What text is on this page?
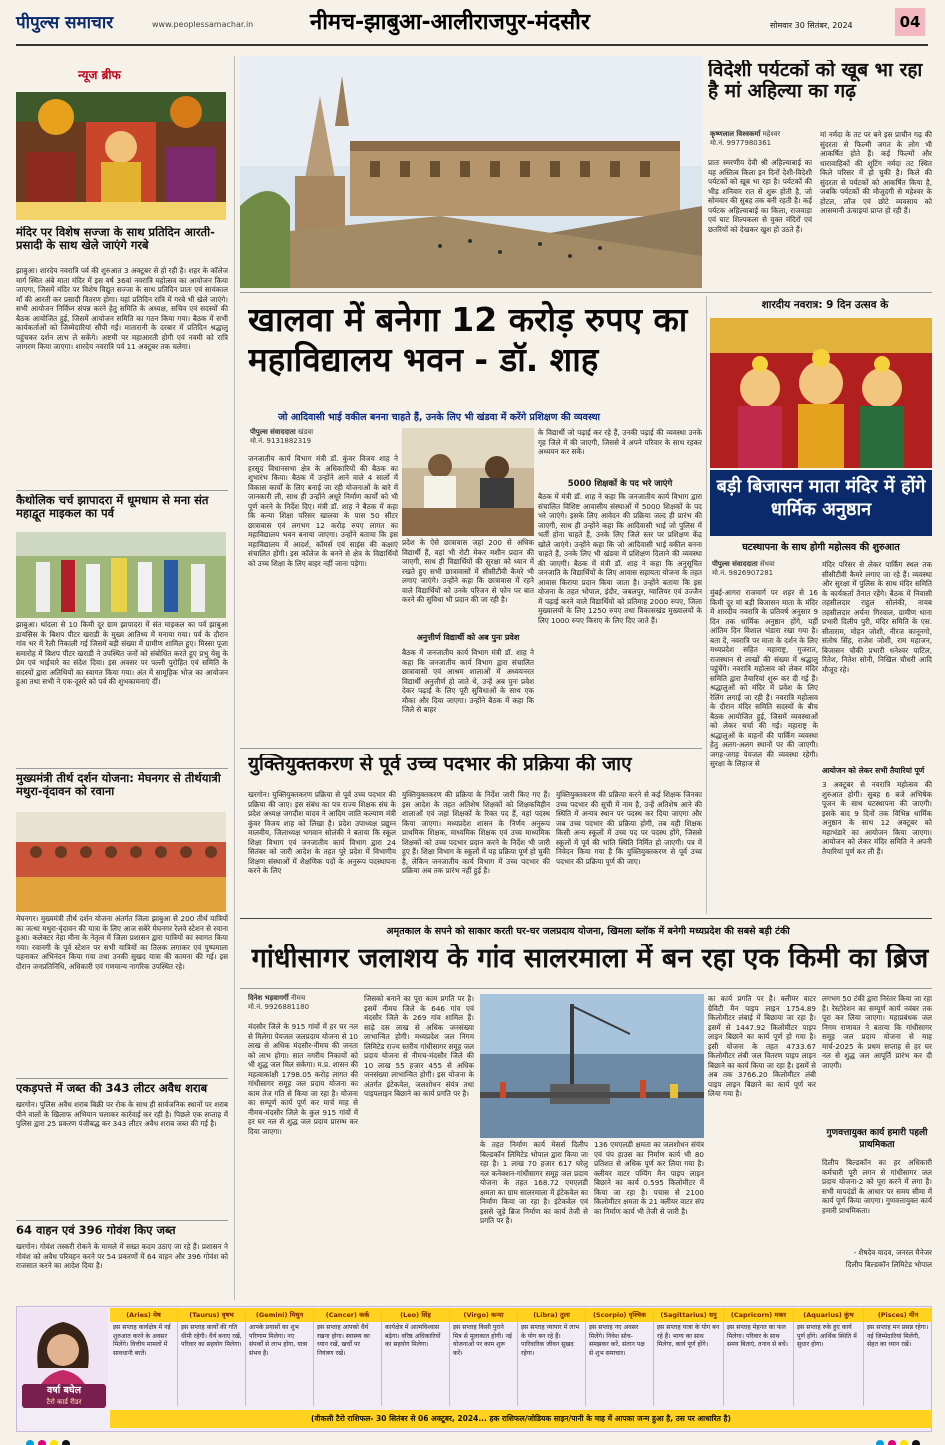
पीपुल्स समाचार	www.peoplessamachar.in	नीमच-झाबुआ-आलीराजपुर-मंदसौर	सोमवार 30 सितंबर, 2024	04
न्यूज ब्रीफ
मंदिर पर विशेष सज्जा के साथ प्रतिदिन आरती-प्रसादी के साथ खेले जाएंगे गरबे
झाबुआ। शारदेय नवरात्रि पर्व की शुरुआत 3 अक्टूबर से हो रही है। शहर के कॉलेज मार्ग स्थित अंबे माता मंदिर में इस वर्ष 36वां नवरात्रि महोत्सव का आयोजन किया जाएगा, जिसमें मंदिर पर विशेष विद्युत सज्जा के साथ प्रतिदिन प्रातः एवं सायंकाल माँ की आरती कर प्रसादी वितरण होगा। यहां प्रतिदिन रात्रि में गरबे भी खेले जाएंगे। सभी आयोजन निर्विघ्न संपन्न करने हेतु समिति के अध्यक्ष, सचिव एवं सदस्यों की बैठक आयोजित हुई, जिसमें आयोजन समिति का गठन किया गया। बैठक में सभी कार्यकर्ताओं को जिम्मेदारियां सौंपी गईं। मातारानी के दरबार में प्रतिदिन श्रद्धालु पहुंचकर दर्शन लाभ ले सकेंगे। अष्टमी पर महाआरती होगी एवं नवमी को रात्रि जागरण किया जाएगा। शारदेय नवरात्रि पर्व 11 अक्टूबर तक चलेगा।
कैथोलिक चर्च झापादरा में धूमधाम से मना संत महाद्वूत माइकल का पर्व
झाबुआ। थांदला से 10 किमी दूर ग्राम झापादरा में संत माइकल का पर्व झाबुआ डायसिस के बिशप पीटर खराडी के मुख्य आतिथ्य में मनाया गया। पर्व के दौरान गांव भर में रैली निकाली गई जिसमें बड़ी संख्या में ग्रामीण शामिल हुए। मिस्सा पूजा समारोह में बिशप पीटर खराडी ने उपस्थित जनों को संबोधित करते हुए प्रभु येसु के प्रेम एवं भाईचारे का संदेश दिया। इस अवसर पर पल्ली पुरोहित एवं समिति के सदस्यों द्वारा अतिथियों का स्वागत किया गया। अंत में सामूहिक भोज का आयोजन हुआ तथा सभी ने एक-दूसरे को पर्व की शुभकामनाएं दीं।
मुख्यमंत्री तीर्थ दर्शन योजना: मेघनगर से तीर्थयात्री मथुरा-वृंदावन को रवाना
मेघनगर। मुख्यमंत्री तीर्थ दर्शन योजना अंतर्गत जिला झाबुआ से 200 तीर्थ यात्रियों का जत्था मथुरा-वृंदावन की यात्रा के लिए आज सबेरे मेघनगर रेलवे स्टेशन से रवाना हुआ। कलेक्टर नेहा मीना के नेतृत्व में जिला प्रशासन द्वारा यात्रियों का स्वागत किया गया। रवानगी के पूर्व स्टेशन पर सभी यात्रियों का तिलक लगाकर एवं पुष्पमाला पहनाकर अभिनंदन किया गया तथा उनकी सुखद यात्रा की कामना की गई। इस दौरान जनप्रतिनिधि, अधिकारी एवं गणमान्य नागरिक उपस्थित रहे।
एकड़पत्ते में जब्त की 343 लीटर अवैध शराब
खरगोन। पुलिस अवैध शराब बिक्री पर रोक के साथ ही सार्वजनिक स्थानों पर शराब पीने वालों के खिलाफ अभियान चलाकर कार्रवाई कर रही है। पिछले एक सप्ताह में पुलिस द्वारा 25 प्रकरण पंजीबद्ध कर 343 लीटर अवैध शराब जब्त की गई है।
64 वाहन एवं 396 गोवंश किए जब्त
खरगोन। गोवंश तस्करी रोकने के मामले में सख्त कदम उठाए जा रहे हैं। प्रशासन ने गोवंश को अवैध परिवहन करने पर 54 प्रकरणों में 64 वाहन और 396 गोवंश को राजसात करने का आदेश दिया है।
विदेशी पर्यटकों को खूब भा रहा है मां अहिल्या का गढ़
कृष्णलाल विश्वकर्मा महेश्वर
मो.नं. 9977980361
प्रातः स्मरणीय देवी श्री अहिल्याबाई का यह अस्तित्व किला इन दिनों देशी-विदेशी पर्यटकों को खूब भा रहा है। पर्यटकों की भीड़ शनिवार रात से शुरू होती है, जो सोमवार की सुबह तक बनी रहती है। कई पर्यटक अहिल्याबाई का किला, राजवाड़ा एवं घाट शिल्पकला से युक्त मंदिरों एवं छतरियों को देखकर खुश हो उठते हैं।
मां नर्मदा के तट पर बने इस प्राचीन गढ़ की सुंदरता से फिल्मी जगत के लोग भी आकर्षित होते हैं। कई फिल्मों और धारावाहिकों की शूटिंग नर्मदा तट स्थित किले परिसर में हो चुकी है। किले की सुंदरता से पर्यटकों को आकर्षित किया है, जबकि पर्यटकों की मौजूदगी से महेश्वर के होटल, लॉज एवं छोटे व्यवसाय को आसमानी ऊंचाइयां प्राप्त हो रही हैं।
खालवा में बनेगा 12 करोड़ रुपए का महाविद्यालय भवन - डॉ. शाह
जो आदिवासी भाई वकील बनना चाहते हैं, उनके लिए भी खंडवा में करेंगे प्रशिक्षण की व्यवस्था
पीपुल्स संवाददाता खंडवा
मो.नं. 9131882319
जनजातीय कार्य विभाग मंत्री डॉ. कुंवर विजय शाह ने हरसूद विधानसभा क्षेत्र के अधिकारियों की बैठक का शुभारंभ किया। बैठक में उन्होंने आने वाले 4 सालों में विकास कार्यों के लिए बनाई जा रही योजनाओं के बारे में जानकारी ली, साथ ही उन्होंने अधूरे निर्माण कार्यों को भी पूर्ण करने के निर्देश दिए। मंत्री डॉ. शाह ने बैठक में कहा कि कन्या शिक्षा परिसर खालवा के पास 50 सीटर छात्रावास एवं लगभग 12 करोड़ रुपए लागत का महाविद्यालय भवन बनाया जाएगा। उन्होंने बताया कि इस महाविद्यालय में आदर्श, कॉमर्स एवं साइंस की कक्षाएं संचालित होंगी। इस कॉलेज के बनने से क्षेत्र के विद्यार्थियों को उच्च शिक्षा के लिए बाहर नहीं जाना पड़ेगा।
प्रदेश के ऐसे छात्रावास जहां 200 से अधिक विद्यार्थी हैं, वहां भी रोटी मेकर मशीन प्रदान की जाएगी, साथ ही विद्यार्थियों की सुरक्षा को ध्यान में रखते हुए सभी छात्रावासों में सीसीटीवी कैमरे भी लगाए जाएंगे। उन्होंने कहा कि छात्रावास में रहने वाले विद्यार्थियों को उनके परिजन से फोन पर बात करने की सुविधा भी प्रदान की जा रही है।
अनुत्तीर्ण विद्यार्थी को अब पुनः प्रवेश
बैठक में जनजातीय कार्य विभाग मंत्री डॉ. शाह ने कहा कि जनजातीय कार्य विभाग द्वारा संचालित छात्रावासों एवं आश्रम शालाओं में अध्ययनरत विद्यार्थी अनुत्तीर्ण हो जाते थे, उन्हें अब पुनः प्रवेश देकर पढ़ाई के लिए पूरी सुविधाओं के साथ एक मौका और दिया जाएगा। उन्होंने बैठक में कहा कि जिले से बाहर
के विद्यार्थी जो पढ़ाई कर रहे हैं, उनकी पढ़ाई की व्यवस्था उनके गृह जिले में की जाएगी, जिससे वे अपने परिवार के साथ रहकर अध्ययन कर सकें।
5000 शिक्षकों के पद भरे जाएंगे
बैठक में मंत्री डॉ. शाह ने कहा कि जनजातीय कार्य विभाग द्वारा संचालित विशिष्ट आवासीय संस्थाओं में 5000 शिक्षकों के पद भरे जाएंगे। इसके लिए आवेदन की प्रक्रिया जल्द ही प्रारंभ की जाएगी, साथ ही उन्होंने कहा कि आदिवासी भाई जो पुलिस में भर्ती होना चाहते हैं, उनके लिए जिले स्तर पर प्रशिक्षण केंद्र खोले जाएंगे। उन्होंने कहा कि जो आदिवासी भाई वकील बनना चाहते हैं, उनके लिए भी खंडवा में प्रशिक्षण दिलाने की व्यवस्था की जाएगी। बैठक में मंत्री डॉ. शाह ने कहा कि अनुसूचित जनजाति के विद्यार्थियों के लिए आवास सहायता योजना के तहत आवास किराया प्रदान किया जाता है। उन्होंने बताया कि इस योजना के तहत भोपाल, इंदौर, जबलपुर, ग्वालियर एवं उज्जैन में पढ़ाई करने वाले विद्यार्थियों को प्रतिमाह 2000 रुपए, जिला मुख्यालयों के लिए 1250 रुपए तथा विकासखंड मुख्यालयों के लिए 1000 रुपए किराए के लिए दिए जाते हैं।
शारदीय नवरात्र: 9 दिन उत्सव के
बड़ी बिजासन माता मंदिर में होंगे धार्मिक अनुष्ठान
घटस्थापना के साथ होगी महोत्सव की शुरुआत
पीपुल्स संवाददाता सेंधवा
मो.नं. 9826907281
मुंबई-आगरा राजमार्ग पर शहर से 16 किमी दूर मां बड़ी बिजासन माता के मंदिर में शारदीय नवरात्रि के प्रतिवर्ष अनुसार 9 दिन तक धार्मिक अनुष्ठान होंगे, यहीं आंतिम दिन विशाल भंडारा रखा गया है। बता दें, नवरात्रि पर माता के दर्शन के लिए मध्यप्रदेश सहित महाराष्ट्र, गुजरात, राजस्थान से लाखों की संख्या में श्रद्धालु पहुंचेंगे। नवरात्रि महोत्सव को लेकर मंदिर समिति द्वारा तैयारियां शुरू कर दी गई हैं। श्रद्धालुओं को मंदिर में प्रवेश के लिए रेलिंग लगाई जा रही है। नवरात्रि महोत्सव के दौरान मंदिर समिति सदस्यों के बीच बैठक आयोजित हुई, जिसमें व्यवस्थाओं को लेकर चर्चा की गई। महाराष्ट्र के श्रद्धालुओं के वाहनों की पार्किंग व्यवस्था हेतु अलग-अलग स्थानों पर की जाएगी। जगह-जगह पेयजल की व्यवस्था रहेगी। सुरक्षा के लिहाज से
मंदिर परिसर से लेकर पार्किंग स्थल तक सीसीटीवी कैमरे लगाए जा रहे हैं। व्यवस्था और सुरक्षा में पुलिस के साथ मंदिर समिति के कार्यकर्ता तैनात रहेंगे। बैठक में निवासी तहसीलदार राहुल सोलंकी, नायब तहसीलदार अर्चना गिरवाल, ग्रामीण थाना प्रभारी दिलीप पुरी, मंदिर समिति के एस. सीताराम, मोहन जोशी, नीरज कानूनगो, संतोष सिंह, राजेश जोशी, राम महाजन, बिजासन चौकी प्रभारी धनेश्वर पाटिल, रितेश, नितेश सोनी, निखिल चौधरी आदि मौजूद रहे।
आयोजन को लेकर सभी तैयारियां पूर्ण
3 अक्टूबर से नवरात्रि महोत्सव की शुरुआत होगी। सुबह 6 बजे अभिषेक पूजन के साथ घटस्थापना की जाएगी। इसके बाद 9 दिनों तक विभिन्न धार्मिक अनुष्ठान के साथ 12 अक्टूबर को महाभंडारे का आयोजन किया जाएगा। आयोजन को लेकर मंदिर समिति ने अपनी तैयारियां पूर्ण कर ली हैं।
युक्तियुक्तकरण से पूर्व उच्च पदभार की प्रक्रिया की जाए
खरगोन। युक्तियुक्तकरण प्रक्रिया से पूर्व उच्च पदभार की प्रक्रिया की जाए। इस संबंध का पत्र राज्य शिक्षक संघ के प्रदेश अध्यक्ष जगदीश यादव ने आदिम जाति कल्याण मंत्री कुंवर विजय शाह को लिखा है। प्रदेश उपाध्यक्ष प्रद्युम्न मालवीय, जिलाध्यक्ष भगवान सोलंकी ने बताया कि स्कूल शिक्षा विभाग एवं जनजातीय कार्य विभाग द्वारा 24 सितंबर को जारी आदेश के तहत पूरे प्रदेश में विभागीय शिक्षण संस्थाओं में शैक्षणिक पदों के अनुरूप पदस्थापना करने के लिए
युक्तियुक्तकरण की प्रक्रिया के निर्देश जारी किए गए हैं। इस आदेश के तहत अतिशेष शिक्षकों को शिक्षकविहीन शालाओं एवं जहां शिक्षकों के रिक्त पद हैं, वहां पदस्थ किया जाएगा। मध्यप्रदेश शासन के निर्णय अनुरूप प्राथमिक शिक्षक, माध्यमिक शिक्षक एवं उच्च माध्यमिक शिक्षकों को उच्च पदभार प्रदान करने के निर्देश भी जारी हुए हैं। शिक्षा विभाग के स्कूलों में यह प्रक्रिया पूर्ण हो चुकी है, लेकिन जनजातीय कार्य विभाग में उच्च पदभार की प्रक्रिया अब तक प्रारंभ नहीं हुई है।
युक्तियुक्तकरण की प्रक्रिया करने से कई शिक्षक जिनका उच्च पदभार की सूची में नाम है, उन्हें अतिशेष आने की स्थिति में अन्यत्र स्थान पर पदस्थ कर दिया जाएगा और जब उच्च पदभार की प्रक्रिया होगी, तब वही शिक्षक किसी अन्य स्कूलों में उच्च पद पर पदस्थ होंगे, जिससे स्कूलों में पूर्व की भांति स्थिति निर्मित हो जाएगी। पत्र में निवेदन किया गया है कि युक्तियुक्तकरण से पूर्व उच्च पदभार की प्रक्रिया पूर्ण की जाए।
अमृतकाल के सपने को साकार करती घर-घर जलप्रदाय योजना, खिमला ब्लॉक में बनेगी मध्यप्रदेश की सबसे बड़ी टंकी
गांधीसागर जलाशय के गांव सालरमाला में बन रहा एक किमी का ब्रिज
दिनेश भड़वागर्गी नीमच
मो.नं. 9926881180
मंदसौर जिले के 915 गांवों में हर घर नल से मिलेगा पेयजल जलप्रदाय योजना से 10 लाख से अधिक मंदसौर-नीमच की जनता को लाभ होगा। सात नगरीय निकायों को भी शुद्ध जल मिल सकेगा। म.प्र. शासन की महत्वाकांक्षी 1798.05 करोड़ लागत की गांधीसागर समूह जल प्रदाय योजना का काम तेज गति से किया जा रहा है। योजना का सम्पूर्ण कार्य पूर्ण कर मार्च माह से नीमच-मंदसौर जिले के कुल 915 गांवों में हर घर नल से शुद्ध जल प्रदाय प्रारम्भ कर दिया जाएगा।
जिसको बनाने का पूरा काम प्रगति पर है। इसमें नीमच जिले के 646 गांव एवं मंदसौर जिले के 269 गांव शामिल हैं। साढ़े दस लाख से अधिक जनसंख्या लाभान्वित होगी। मध्यप्रदेश जल निगम लिमिटेड राज्य स्तरीय गांधीसागर समूह जल प्रदाय योजना से नीमच-मंदसौर जिले की 10 लाख 55 हजार 455 से अधिक जनसंख्या लाभान्वित होगी। इस योजना के अंतर्गत इंटेकवेल, जलशोधन संयंत्र तथा पाइपलाइन बिछाने का कार्य प्रगति पर है।
के तहत निर्माण कार्य मेसर्स दिलीप बिल्डकॉन लिमिटेड भोपाल द्वारा किया जा रहा है। 1 लाख 70 हजार 617 घरेलू नल कनेक्शन-गांधीसागर समूह जल प्रदाय योजना के तहत 168.72 एमएलडी क्षमता का ग्राम सालरमाला में इंटेकवेल का निर्माण किया जा रहा है। इंटेकवेल एवं इससे जुड़े ब्रिज निर्माण का कार्य तेजी से प्रगति पर है।
136 एमएलडी क्षमता का जलशोधन संयंत्र एवं पंप हाउस का निर्माण कार्य भी 80 प्रतिशत से अधिक पूर्ण कर लिया गया है। क्लीयर वाटर पम्पिंग मैन पाइप लाइन बिछाने का कार्य 0.595 किलोमीटर में किया जा रहा है। पचास से 2100 किलोमीटर क्षमता के 21 क्लीयर वाटर संप का निर्माण कार्य भी तेजी से जारी है।
का कार्य प्रगति पर है। क्लीयर वाटर ग्रेविटी मैन पाइप लाइन 1754.89 किलोमीटर लंबाई में बिछाया जा रहा है। इसमें से 1447.92 किलोमीटर पाइप लाइन बिछाने का कार्य पूर्ण हो गया है। इसी योजना के तहत 4733.67 किलोमीटर लंबी जल वितरण पाइप लाइन बिछाने का कार्य किया जा रहा है। इसमें से अब तक 3766.20 किलोमीटर लंबी पाइप लाइन बिछाने का कार्य पूर्ण कर लिया गया है।
लगभग 50 टंकी द्वारा निरंतर किया जा रहा है। रेस्टोरेशन का सम्पूर्ण कार्य नवंबर तक पूरा कर लिया जाएगा। महाप्रबंधक जल निगम राणावत ने बताया कि गांधीसागर समूह जल प्रदाय योजना से माह मार्च-2025 के प्रथम सप्ताह से हर घर नल से शुद्ध जल आपूर्ति प्रारंभ कर दी जाएगी।
गुणवत्तायुक्त कार्य हमारी पहली प्राथमिकता
दिलीप बिल्डकॉन का हर अधिकारी कर्मचारी पूरी लगन से गांधीसागर जल प्रदाय योजना-2 को पूरा करने में लगा है। सभी मापदंडों के आधार पर समय सीमा में कार्य पूर्ण किया जाएगा। गुणवत्तायुक्त कार्य हमारी प्राथमिकता।
- शैषदेव यादव, जनरल मैनेजर
दिलीप बिल्डकॉन लिमिटेड भोपाल
वर्षा बघेल
टैरो कार्ड रीडर
(Aries) मेष
इस सप्ताह कार्यक्षेत्र में नई शुरुआत करने के अवसर मिलेंगे। वित्तीय मामलों में सावधानी बरतें।
(Taurus) वृषभ
इस सप्ताह कार्यों की गति धीमी रहेगी। धैर्य बनाए रखें, परिवार का सहयोग मिलेगा।
(Gemini) मिथुन
आपके प्रयासों का शुभ परिणाम मिलेगा। नए संपर्कों से लाभ होगा, यात्रा संभव है।
(Cancer) कर्क
इस सप्ताह आपको धैर्य रखना होगा। स्वास्थ्य का ध्यान रखें, खर्चों पर नियंत्रण रखें।
(Leo) सिंह
कार्यक्षेत्र में आत्मविश्वास बढ़ेगा। वरिष्ठ अधिकारियों का सहयोग मिलेगा।
(Virgo) कन्या
इस सप्ताह किसी पुराने मित्र से मुलाकात होगी। नई योजनाओं पर काम शुरू करें।
(Libra) तुला
इस सप्ताह व्यापार में लाभ के योग बन रहे हैं। पारिवारिक जीवन सुखद रहेगा।
(Scorpio) वृश्चिक
इस सप्ताह नए अवसर मिलेंगे। निवेश सोच-समझकर करें, संतान पक्ष से शुभ समाचार।
(Sagittarius) धनु
इस सप्ताह यात्रा के योग बन रहे हैं। भाग्य का साथ मिलेगा, कार्य पूर्ण होंगे।
(Capricorn) मकर
इस सप्ताह मेहनत का फल मिलेगा। परिवार के साथ समय बिताएं, तनाव से बचें।
(Aquarius) कुंभ
इस सप्ताह रुके हुए कार्य पूर्ण होंगे। आर्थिक स्थिति में सुधार होगा।
(Pisces) मीन
इस सप्ताह मन प्रसन्न रहेगा। नई जिम्मेदारियां मिलेंगी, सेहत का ध्यान रखें।
(वीकली टैरो राशिफल- 30 सितंबर से 06 अक्टूबर, 2024... हक राशिफल/जोडियक साइन/पानी के माह में आपका जन्म हुआ है, उस पर आधारित है)
